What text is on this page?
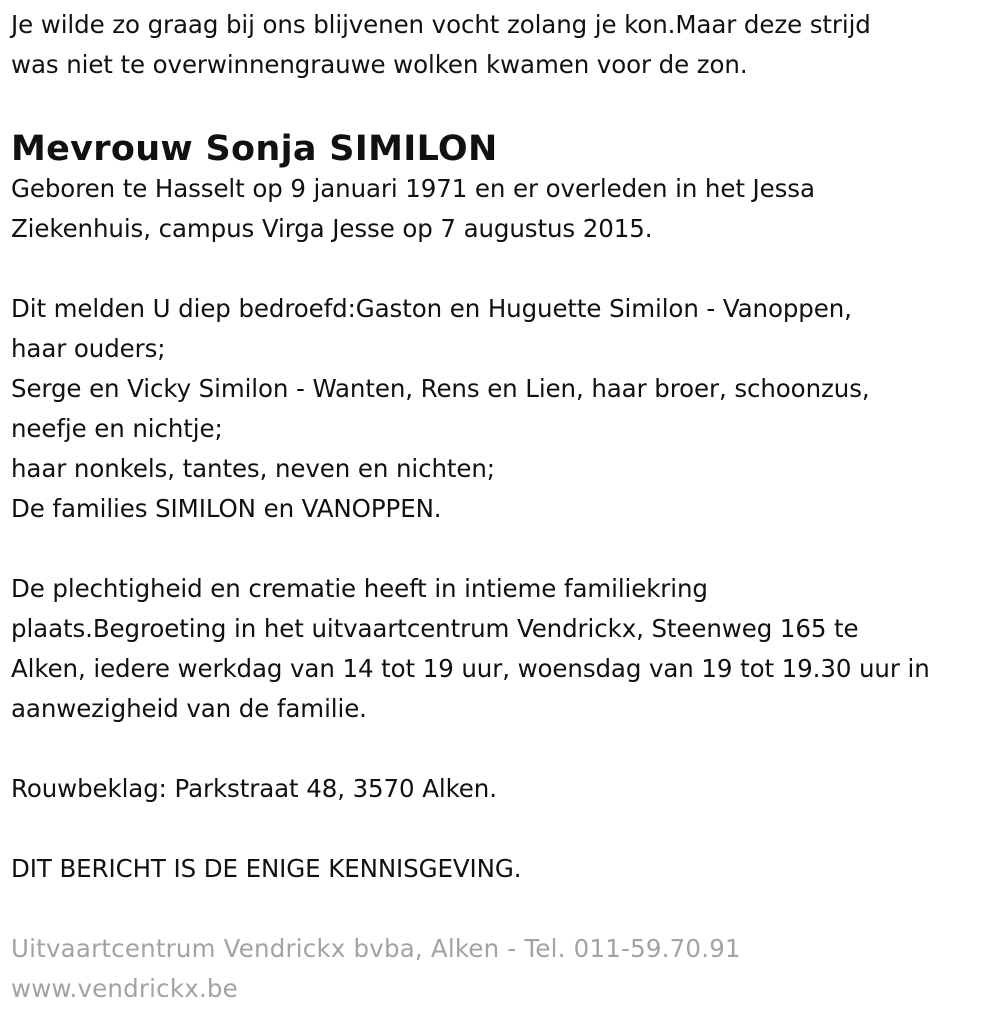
Je wilde zo graag bij ons blijvenen vocht zolang je kon.Maar deze strijd
was niet te overwinnengrauwe wolken kwamen voor de zon.
Mevrouw Sonja SIMILON
Geboren te Hasselt op 9 januari 1971 en er overleden in het Jessa
Ziekenhuis, campus Virga Jesse op 7 augustus 2015.
Dit melden U diep bedroefd:Gaston en Huguette Similon - Vanoppen,
haar ouders;
Serge en Vicky Similon - Wanten, Rens en Lien, haar broer, schoonzus,
neefje en nichtje;
haar nonkels, tantes, neven en nichten;
De families SIMILON en VANOPPEN.
De plechtigheid en crematie heeft in intieme familiekring
plaats.Begroeting in het uitvaartcentrum Vendrickx, Steenweg 165 te
Alken, iedere werkdag van 14 tot 19 uur, woensdag van 19 tot 19.30 uur in
aanwezigheid van de familie.
Rouwbeklag: Parkstraat 48, 3570 Alken.
DIT BERICHT IS DE ENIGE KENNISGEVING.
Uitvaartcentrum Vendrickx bvba, Alken - Tel. 011-59.70.91
www.vendrickx.be
